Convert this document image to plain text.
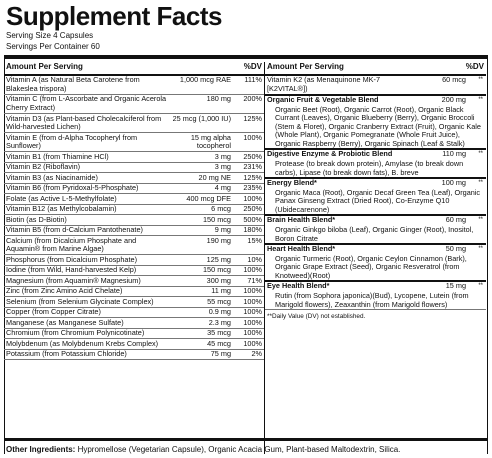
Supplement Facts
Serving Size 4 Capsules
Servings Per Container 60
Amount Per Serving	%DV
Vitamin A (as Natural Beta Carotene from Blakeslea trispora)	1,000 mcg RAE	111%
Vitamin C (from L-Ascorbate and Organic Acerola Cherry Extract)	180 mg	200%
Vitamin D3 (as Plant-based Cholecalciferol from Wild-harvested Lichen)	25 mcg (1,000 IU)	125%
Vitamin E (from d-Alpha Tocopheryl from Sunflower)	15 mg alpha tocopherol	100%
Vitamin B1 (from Thiamine HCl)	3 mg	250%
Vitamin B2 (Riboflavin)	3 mg	231%
Vitamin B3 (as Niacinamide)	20 mg NE	125%
Vitamin B6 (from Pyridoxal-5-Phosphate)	4 mg	235%
Folate (as Active L-5-Methylfolate)	400 mcg DFE	100%
Vitamin B12 (as Methylcobalamin)	6 mcg	250%
Biotin (as D-Biotin)	150 mcg	500%
Vitamin B5 (from d-Calcium Pantothenate)	9 mg	180%
Calcium (from Dicalcium Phosphate and Aquamin® from Marine Algae)	190 mg	15%
Phosphorus (from Dicalcium Phosphate)	125 mg	10%
Iodine (from Wild, Hand-harvested Kelp)	150 mcg	100%
Magnesium (from Aquamin® Magnesium)	300 mg	71%
Zinc (from Zinc Amino Acid Chelate)	11 mg	100%
Selenium (from Selenium Glycinate Complex)	55 mcg	100%
Copper (from Copper Citrate)	0.9 mg	100%
Manganese (as Manganese Sulfate)	2.3 mg	100%
Chromium (from Chromium Polynicotinate)	35 mcg	100%
Molybdenum (as Molybdenum Krebs Complex)	45 mcg	100%
Potassium (from Potassium Chloride)	75 mg	2%
Amount Per Serving	%DV
Vitamin K2 (as Menaquinone MK-7 [K2VITAL®])
60 mcg **
Organic Fruit & Vegetable Blend	200 mg **
Organic Beet (Root), Organic Carrot (Root), Organic Black Currant (Leaves), Organic Blueberry (Berry), Organic Broccoli (Stem & Floret), Organic Cranberry Extract (Fruit), Organic Kale (Whole Plant), Organic Pomegranate (Whole Fruit Juice), Organic Raspberry (Berry), Organic Spinach (Leaf & Stalk)
Digestive Enzyme & Probiotic Blend	110 mg **
Protease (to break down protein), Amylase (to break down carbs), Lipase (to break down fats), B. breve
Energy Blend*	100 mg **
Organic Maca (Root), Organic Decaf Green Tea (Leaf), Organic Panax Ginseng Extract (Dried Root), Co-Enzyme Q10 (Ubidecarenone)
Brain Health Blend*	60 mg **
Organic Ginkgo biloba (Leaf), Organic Ginger (Root), Inositol, Boron Citrate
Heart Health Blend*	50 mg **
Organic Turmeric (Root), Organic Ceylon Cinnamon (Bark), Organic Grape Extract (Seed), Organic Resveratrol (from Knotweed)(Root)
Eye Health Blend*	15 mg **
Rutin (from Sophora japonica)(Bud), Lycopene, Lutein (from Marigold flowers), Zeaxanthin (from Marigold flowers)
**Daily Value (DV) not established.
Other Ingredients: Hypromellose (Vegetarian Capsule), Organic Acacia Gum, Plant-based Maltodextrin, Silica.
